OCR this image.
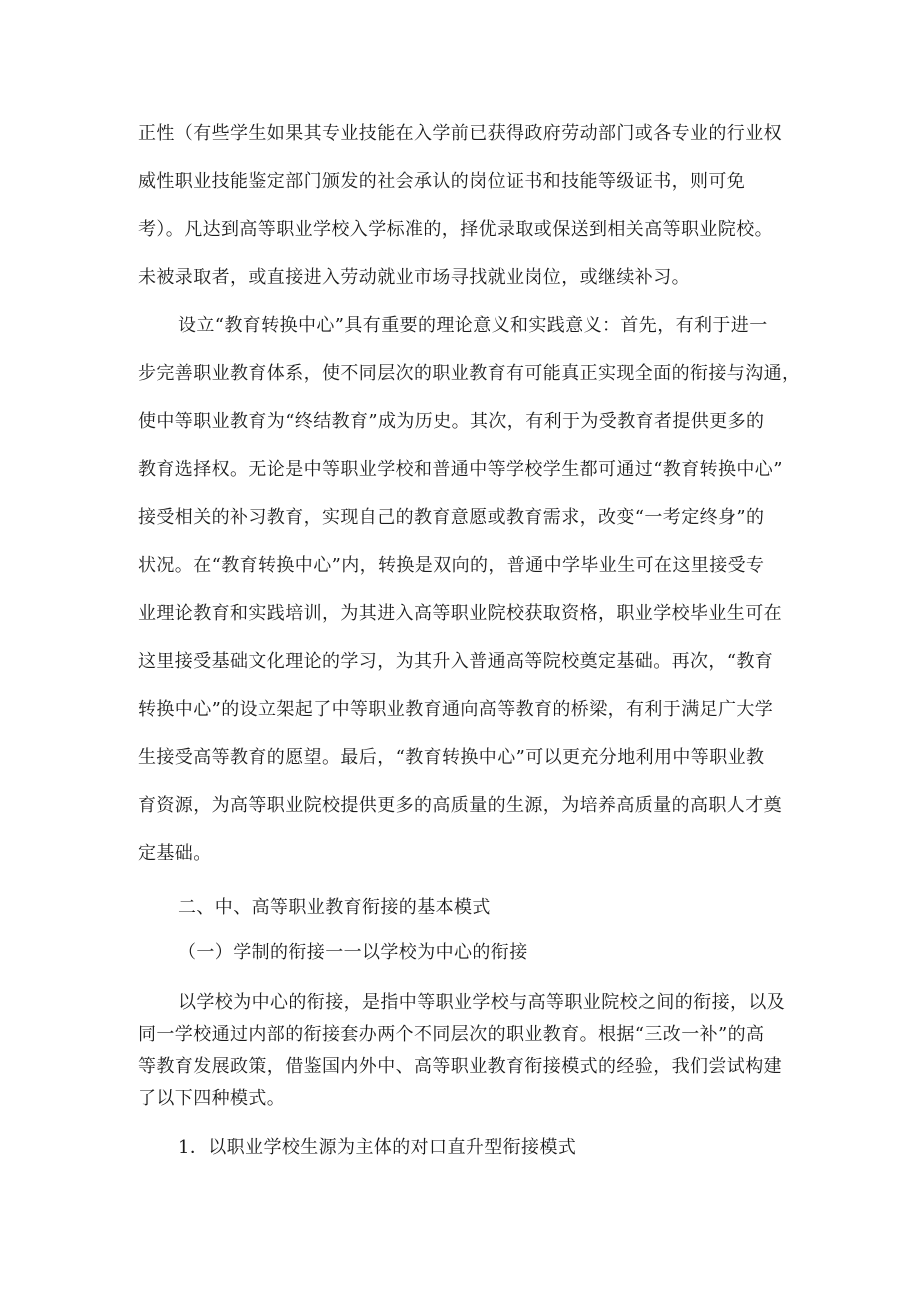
正性（有些学生如果其专业技能在入学前已获得政府劳动部门或各专业的行业权
威性职业技能鉴定部门颁发的社会承认的岗位证书和技能等级证书，则可免
考）。凡达到高等职业学校入学标准的，择优录取或保送到相关高等职业院校。
未被录取者，或直接进入劳动就业市场寻找就业岗位，或继续补习。
设立“教育转换中心”具有重要的理论意义和实践意义：首先，有利于进一
步完善职业教育体系，使不同层次的职业教育有可能真正实现全面的衔接与沟通，
使中等职业教育为“终结教育”成为历史。其次，有利于为受教育者提供更多的
教育选择权。无论是中等职业学校和普通中等学校学生都可通过“教育转换中心”
接受相关的补习教育，实现自己的教育意愿或教育需求，改变“一考定终身”的
状况。在“教育转换中心”内，转换是双向的，普通中学毕业生可在这里接受专
业理论教育和实践培训，为其进入高等职业院校获取资格，职业学校毕业生可在
这里接受基础文化理论的学习，为其升入普通高等院校奠定基础。再次，“教育
转换中心”的设立架起了中等职业教育通向高等教育的桥梁，有利于满足广大学
生接受高等教育的愿望。最后，“教育转换中心”可以更充分地利用中等职业教
育资源，为高等职业院校提供更多的高质量的生源，为培养高质量的高职人才奠
定基础。
二、中、高等职业教育衔接的基本模式
（一）学制的衔接一一以学校为中心的衔接
以学校为中心的衔接，是指中等职业学校与高等职业院校之间的衔接，以及
同一学校通过内部的衔接套办两个不同层次的职业教育。根据“三改一补”的高
等教育发展政策，借鉴国内外中、高等职业教育衔接模式的经验，我们尝试构建
了以下四种模式。
1．以职业学校生源为主体的对口直升型衔接模式
